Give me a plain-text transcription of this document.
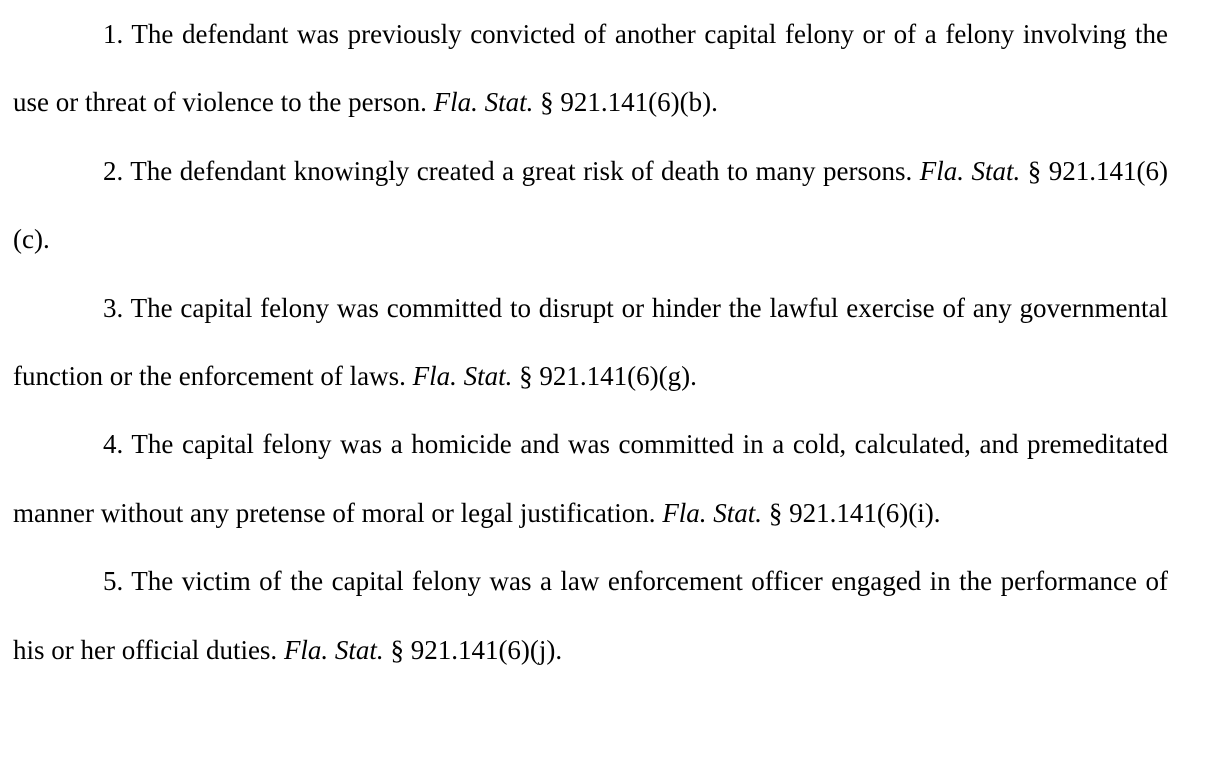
1. The defendant was previously convicted of another capital felony or of a felony involving the use or threat of violence to the person. Fla. Stat. § 921.141(6)(b).

2. The defendant knowingly created a great risk of death to many persons. Fla. Stat. § 921.141(6)(c).

3. The capital felony was committed to disrupt or hinder the lawful exercise of any governmental function or the enforcement of laws. Fla. Stat. § 921.141(6)(g).

4. The capital felony was a homicide and was committed in a cold, calculated, and premeditated manner without any pretense of moral or legal justification. Fla. Stat. § 921.141(6)(i).

5. The victim of the capital felony was a law enforcement officer engaged in the performance of his or her official duties. Fla. Stat. § 921.141(6)(j).
